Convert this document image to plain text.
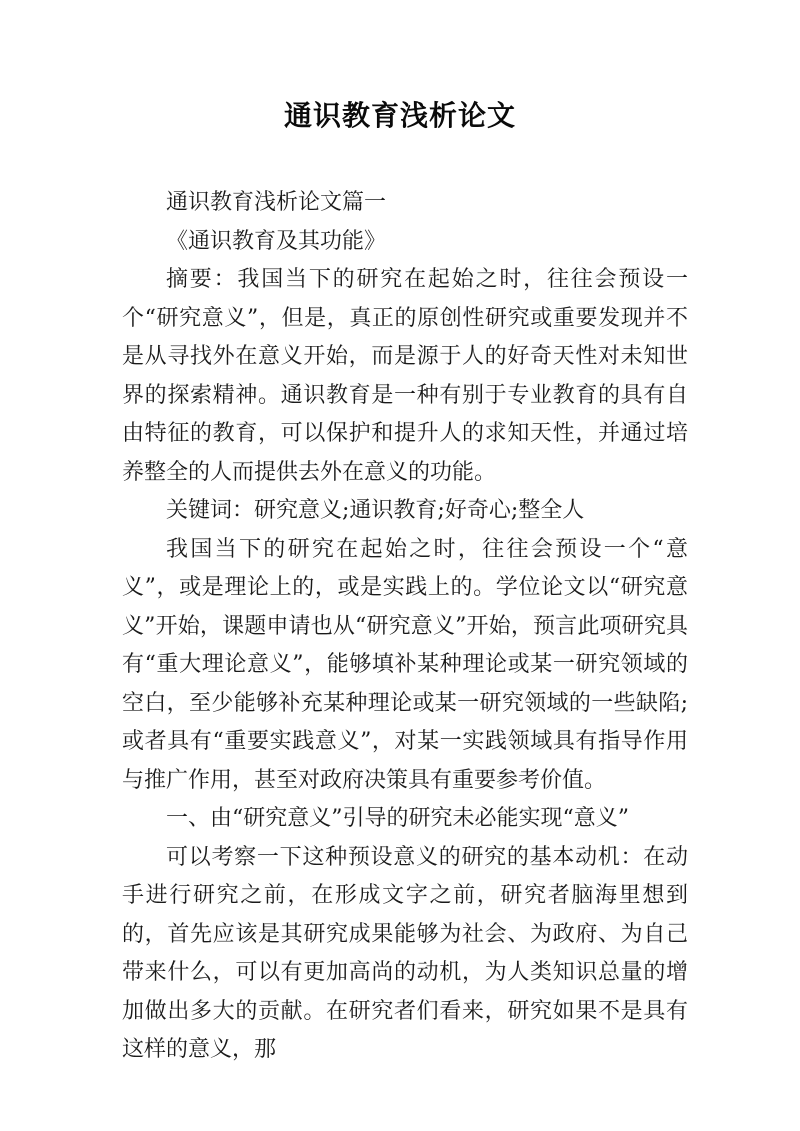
通识教育浅析论文

通识教育浅析论文篇一

《通识教育及其功能》

摘要：我国当下的研究在起始之时，往往会预设一个“研究意义”，但是，真正的原创性研究或重要发现并不是从寻找外在意义开始，而是源于人的好奇天性对未知世界的探索精神。通识教育是一种有别于专业教育的具有自由特征的教育，可以保护和提升人的求知天性，并通过培养整全的人而提供去外在意义的功能。

关键词：研究意义;通识教育;好奇心;整全人

我国当下的研究在起始之时，往往会预设一个“意义”，或是理论上的，或是实践上的。学位论文以“研究意义”开始，课题申请也从“研究意义”开始，预言此项研究具有“重大理论意义”，能够填补某种理论或某一研究领域的空白，至少能够补充某种理论或某一研究领域的一些缺陷;或者具有“重要实践意义”，对某一实践领域具有指导作用与推广作用，甚至对政府决策具有重要参考价值。

一、由“研究意义”引导的研究未必能实现“意义”

可以考察一下这种预设意义的研究的基本动机：在动手进行研究之前，在形成文字之前，研究者脑海里想到的，首先应该是其研究成果能够为社会、为政府、为自己带来什么，可以有更加高尚的动机，为人类知识总量的增加做出多大的贡献。在研究者们看来，研究如果不是具有这样的意义，那
